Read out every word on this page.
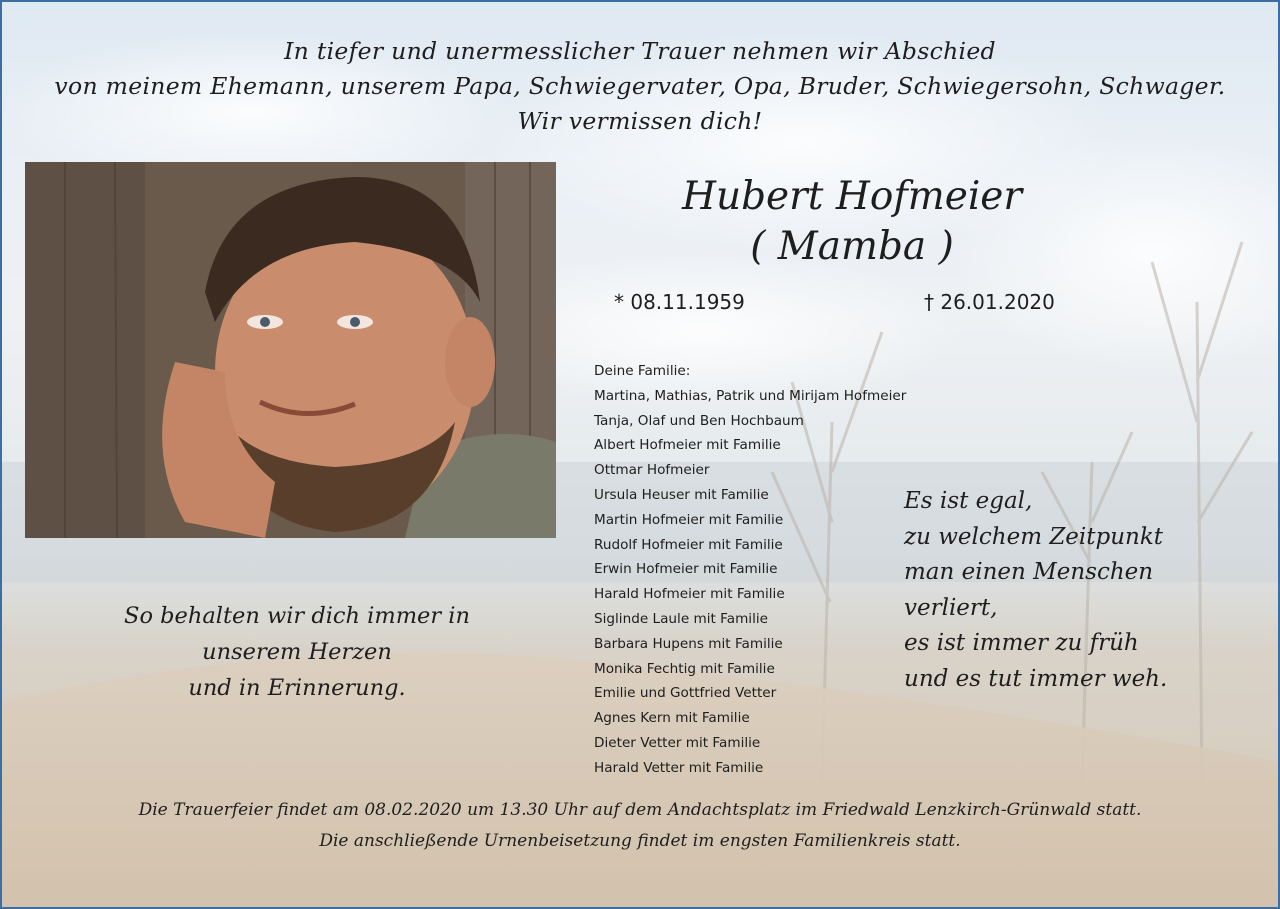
In tiefer und unermesslicher Trauer nehmen wir Abschied
von meinem Ehemann, unserem Papa, Schwiegervater, Opa, Bruder, Schwiegersohn, Schwager.
Wir vermissen dich!
Hubert Hofmeier
( Mamba )
* 08.11.1959	† 26.01.2020
Deine Familie:
Martina, Mathias, Patrik und Mirijam Hofmeier
Tanja, Olaf und Ben Hochbaum
Albert Hofmeier mit Familie
Ottmar Hofmeier
Ursula Heuser mit Familie
Martin Hofmeier mit Familie
Rudolf Hofmeier mit Familie
Erwin Hofmeier mit Familie
Harald Hofmeier mit Familie
Siglinde Laule mit Familie
Barbara Hupens mit Familie
Monika Fechtig mit Familie
Emilie und Gottfried Vetter
Agnes Kern mit Familie
Dieter Vetter mit Familie
Harald Vetter mit Familie
So behalten wir dich immer in
unserem Herzen
und in Erinnerung.
Es ist egal,
zu welchem Zeitpunkt
man einen Menschen
verliert,
es ist immer zu früh
und es tut immer weh.
Die Trauerfeier findet am 08.02.2020 um 13.30 Uhr auf dem Andachtsplatz im Friedwald Lenzkirch-Grünwald statt.
Die anschließende Urnenbeisetzung findet im engsten Familienkreis statt.
